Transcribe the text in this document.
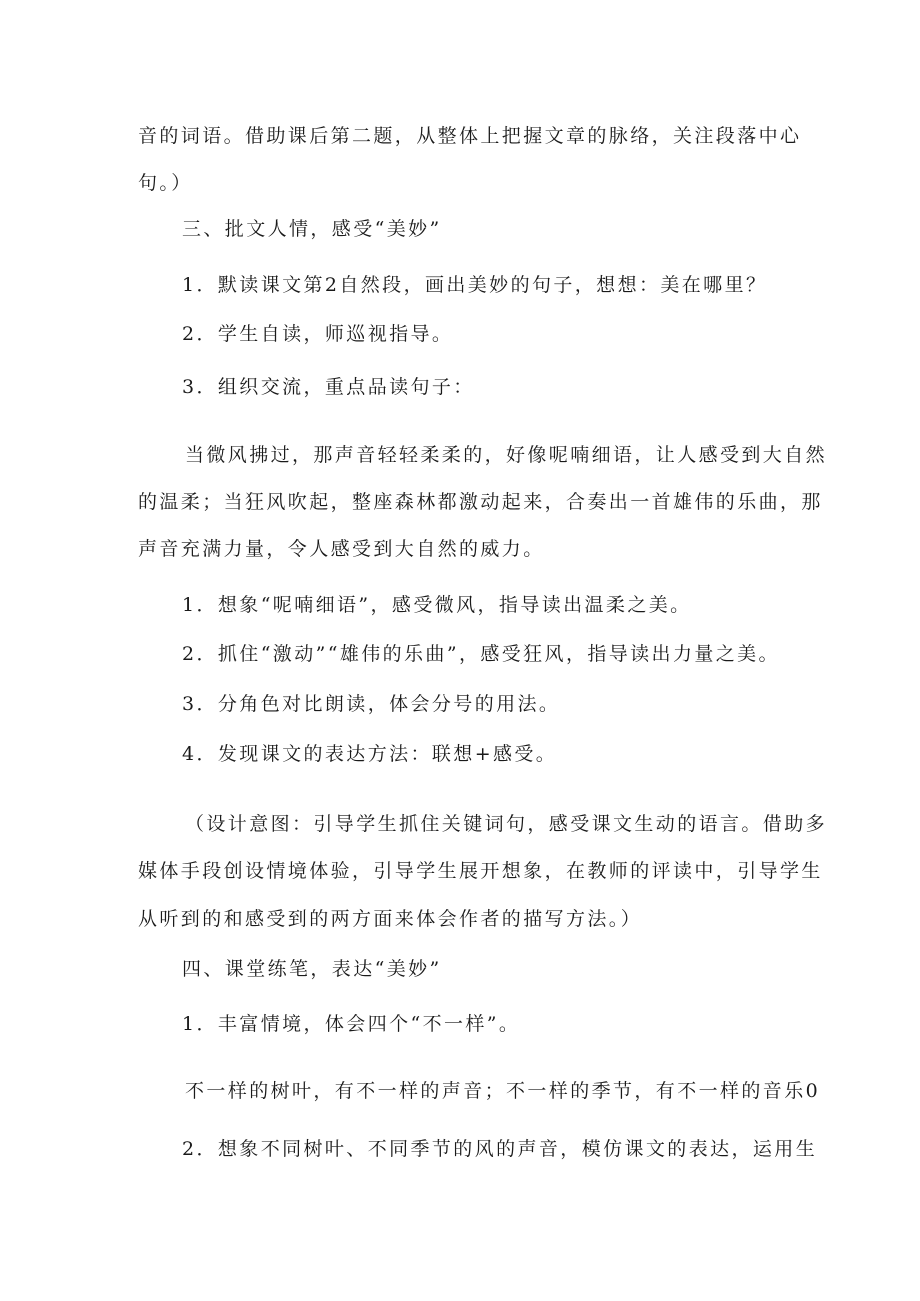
音的词语。借助课后第二题，从整体上把握文章的脉络，关注段落中心
句。）
三、批文人情，感受“美妙”
1．默读课文第2自然段，画出美妙的句子，想想：美在哪里？
2．学生自读，师巡视指导。
3．组织交流，重点品读句子：
当微风拂过，那声音轻轻柔柔的，好像呢喃细语，让人感受到大自然
的温柔；当狂风吹起，整座森林都激动起来，合奏出一首雄伟的乐曲，那
声音充满力量，令人感受到大自然的威力。
1．想象“呢喃细语”，感受微风，指导读出温柔之美。
2．抓住“激动”“雄伟的乐曲”，感受狂风，指导读出力量之美。
3．分角色对比朗读，体会分号的用法。
4．发现课文的表达方法：联想+感受。
（设计意图：引导学生抓住关键词句，感受课文生动的语言。借助多
媒体手段创设情境体验，引导学生展开想象，在教师的评读中，引导学生
从听到的和感受到的两方面来体会作者的描写方法。）
四、课堂练笔，表达“美妙”
1．丰富情境，体会四个“不一样”。
不一样的树叶，有不一样的声音；不一样的季节，有不一样的音乐0
2．想象不同树叶、不同季节的风的声音，模仿课文的表达，运用生
